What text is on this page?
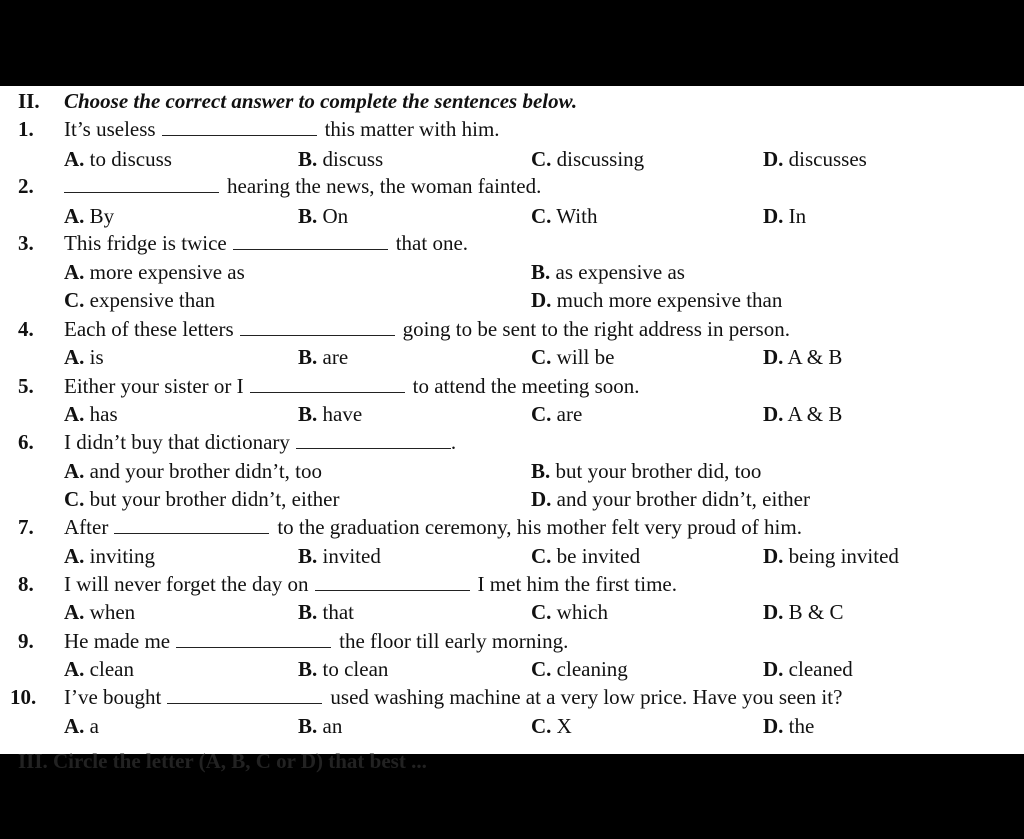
II. Choose the correct answer to complete the sentences below.
1. It’s useless	this matter with him.
A. to discuss	B. discuss	C. discussing	D. discusses
2.	hearing the news, the woman fainted.
A. By	B. On	C. With	D. In
3. This fridge is twice	that one.
A. more expensive as	B. as expensive as
C. expensive than	D. much more expensive than
4. Each of these letters	going to be sent to the right address in person.
A. is	B. are	C. will be	D. A & B
5. Either your sister or I	to attend the meeting soon.
A. has	B. have	C. are	D. A & B
6. I didn’t buy that dictionary	.
A. and your brother didn’t, too	B. but your brother did, too
C. but your brother didn’t, either	D. and your brother didn’t, either
7. After	to the graduation ceremony, his mother felt very proud of him.
A. inviting	B. invited	C. be invited	D. being invited
8. I will never forget the day on	I met him the first time.
A. when	B. that	C. which	D. B & C
9. He made me	the floor till early morning.
A. clean	B. to clean	C. cleaning	D. cleaned
10. I’ve bought	used washing machine at a very low price. Have you seen it?
A. a	B. an	C. X	D. the
III. Circle the letter (A, B, C or D) that best ...
